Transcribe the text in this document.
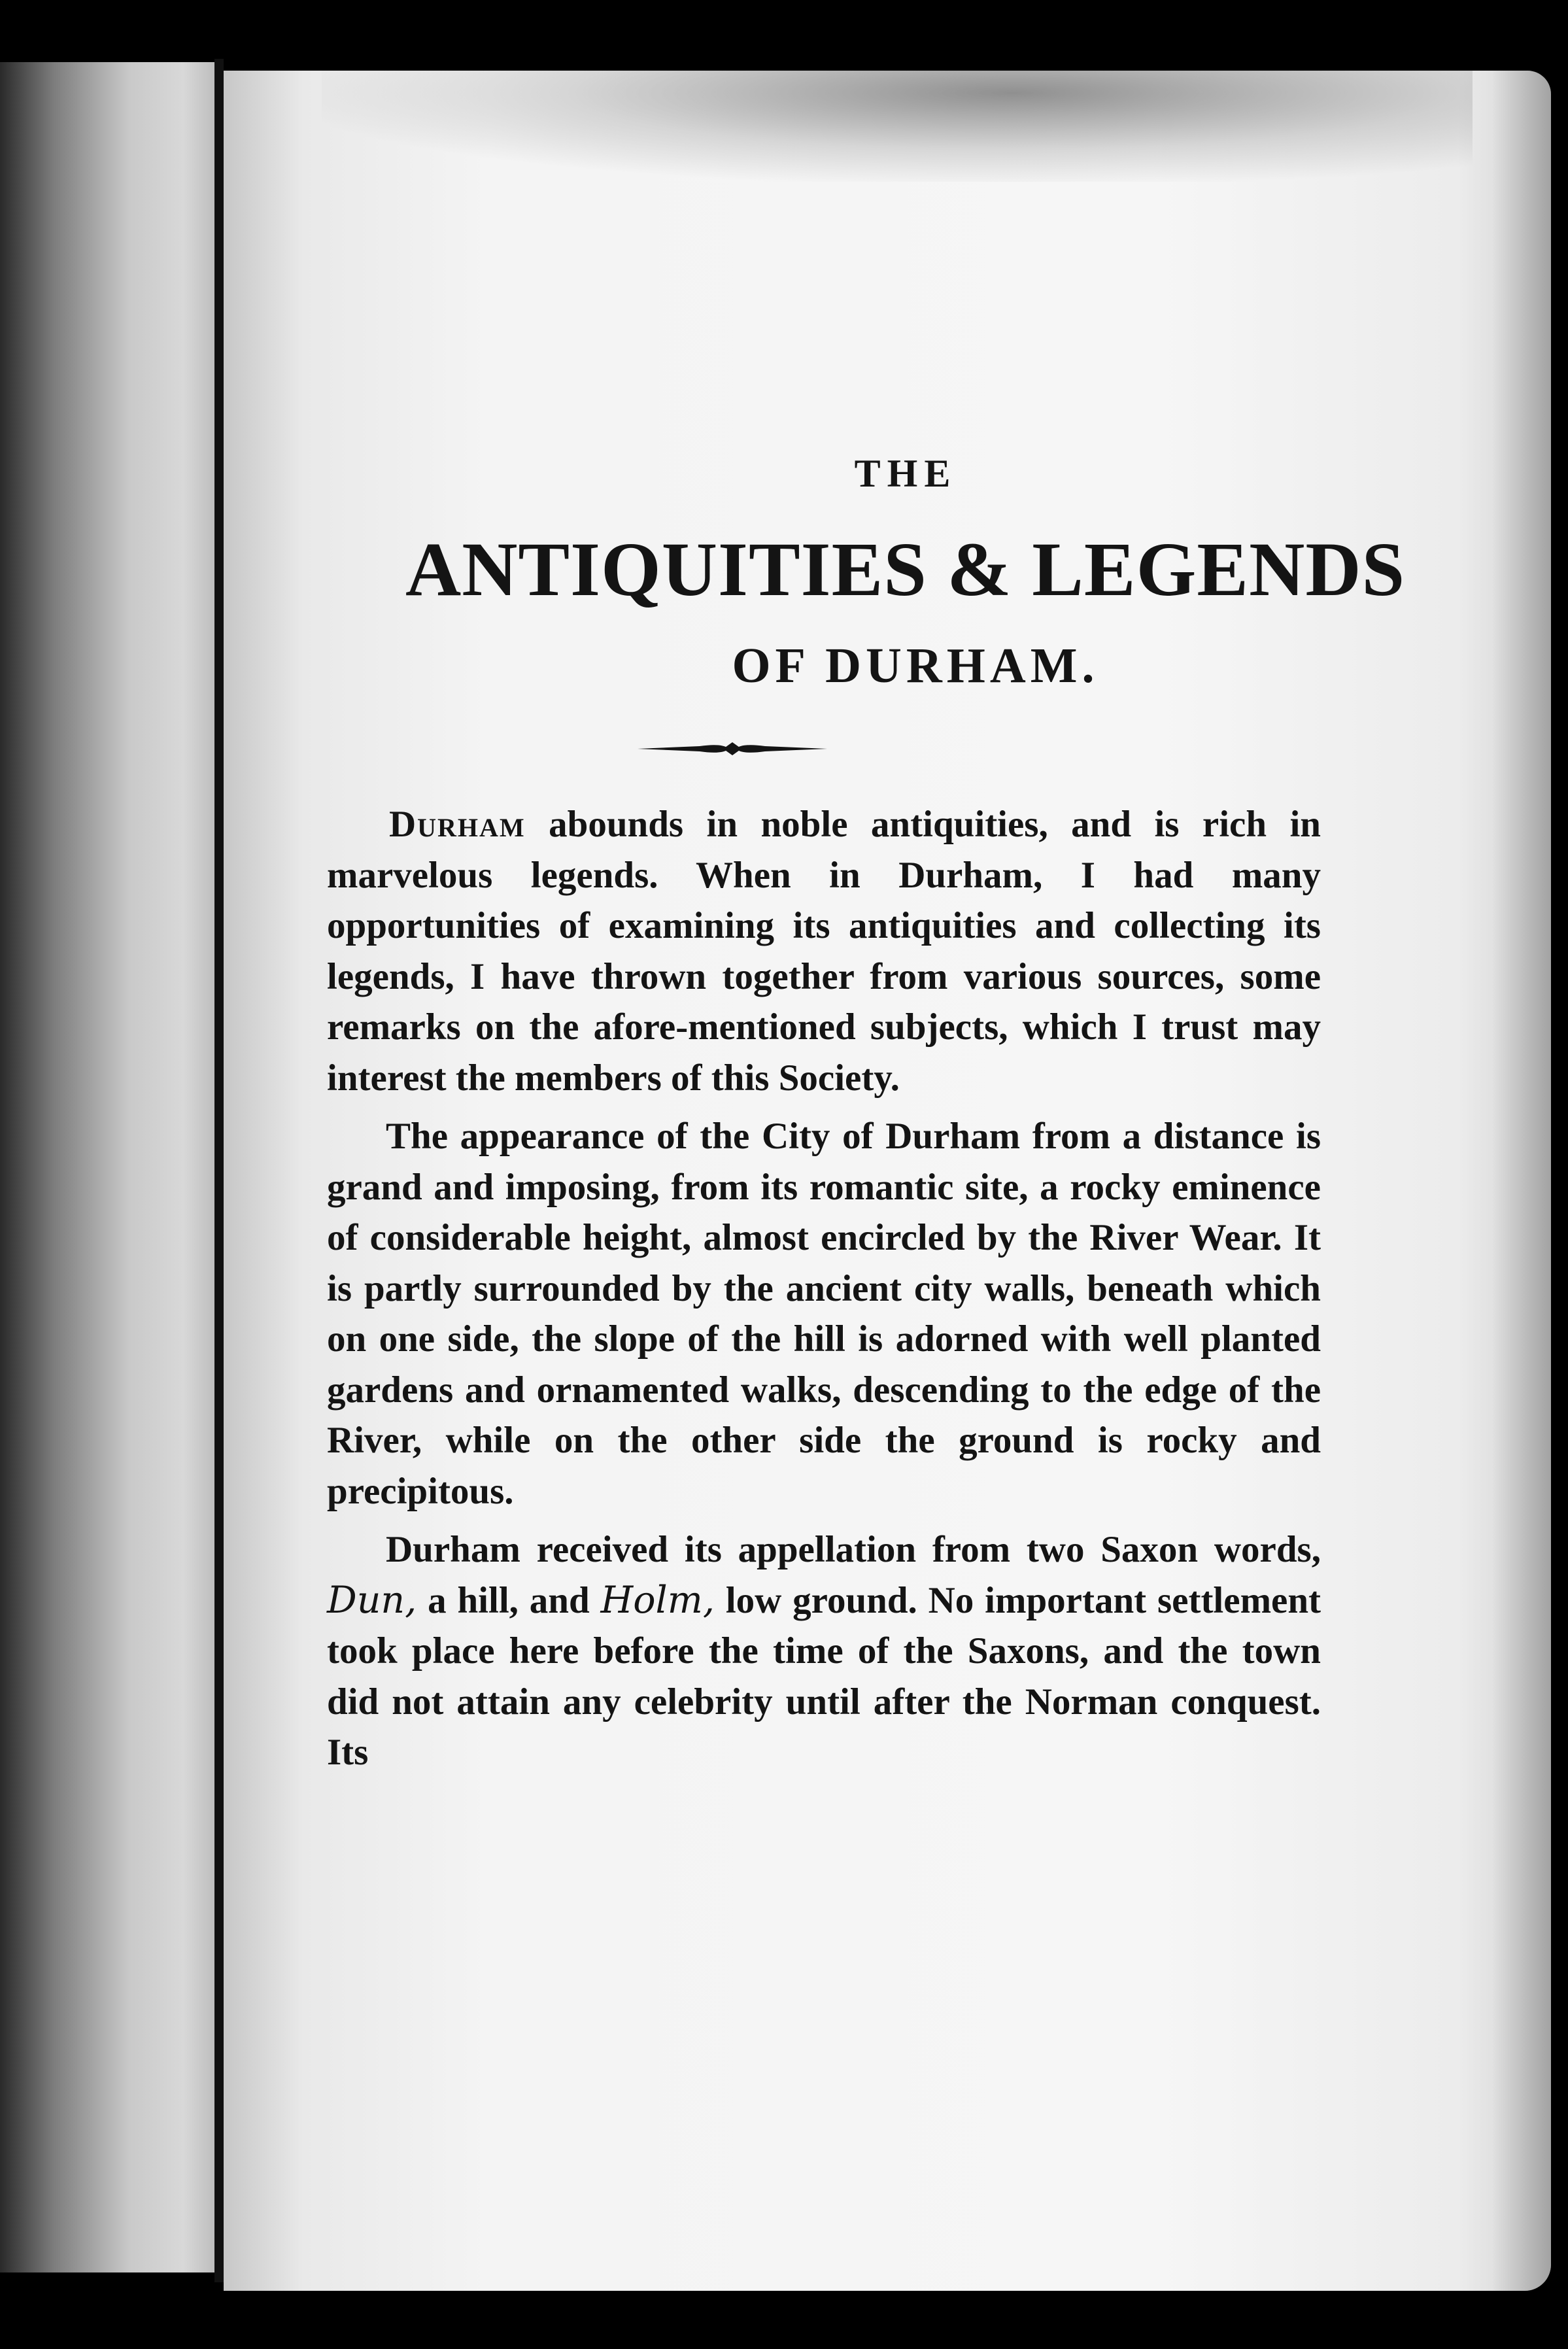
THE
ANTIQUITIES & LEGENDS
OF DURHAM.

Durham abounds in noble antiquities, and is rich in marvelous legends. When in Durham, I had many opportunities of examining its antiquities and collecting its legends, I have thrown together from various sources, some remarks on the afore-mentioned subjects, which I trust may interest the members of this Society.

The appearance of the City of Durham from a distance is grand and imposing, from its romantic site, a rocky eminence of considerable height, almost encircled by the River Wear. It is partly surrounded by the ancient city walls, beneath which on one side, the slope of the hill is adorned with well planted gardens and ornamented walks, descending to the edge of the River, while on the other side the ground is rocky and precipitous.

Durham received its appellation from two Saxon words, Dun, a hill, and Holm, low ground. No important settlement took place here before the time of the Saxons, and the town did not attain any celebrity until after the Norman conquest. Its
